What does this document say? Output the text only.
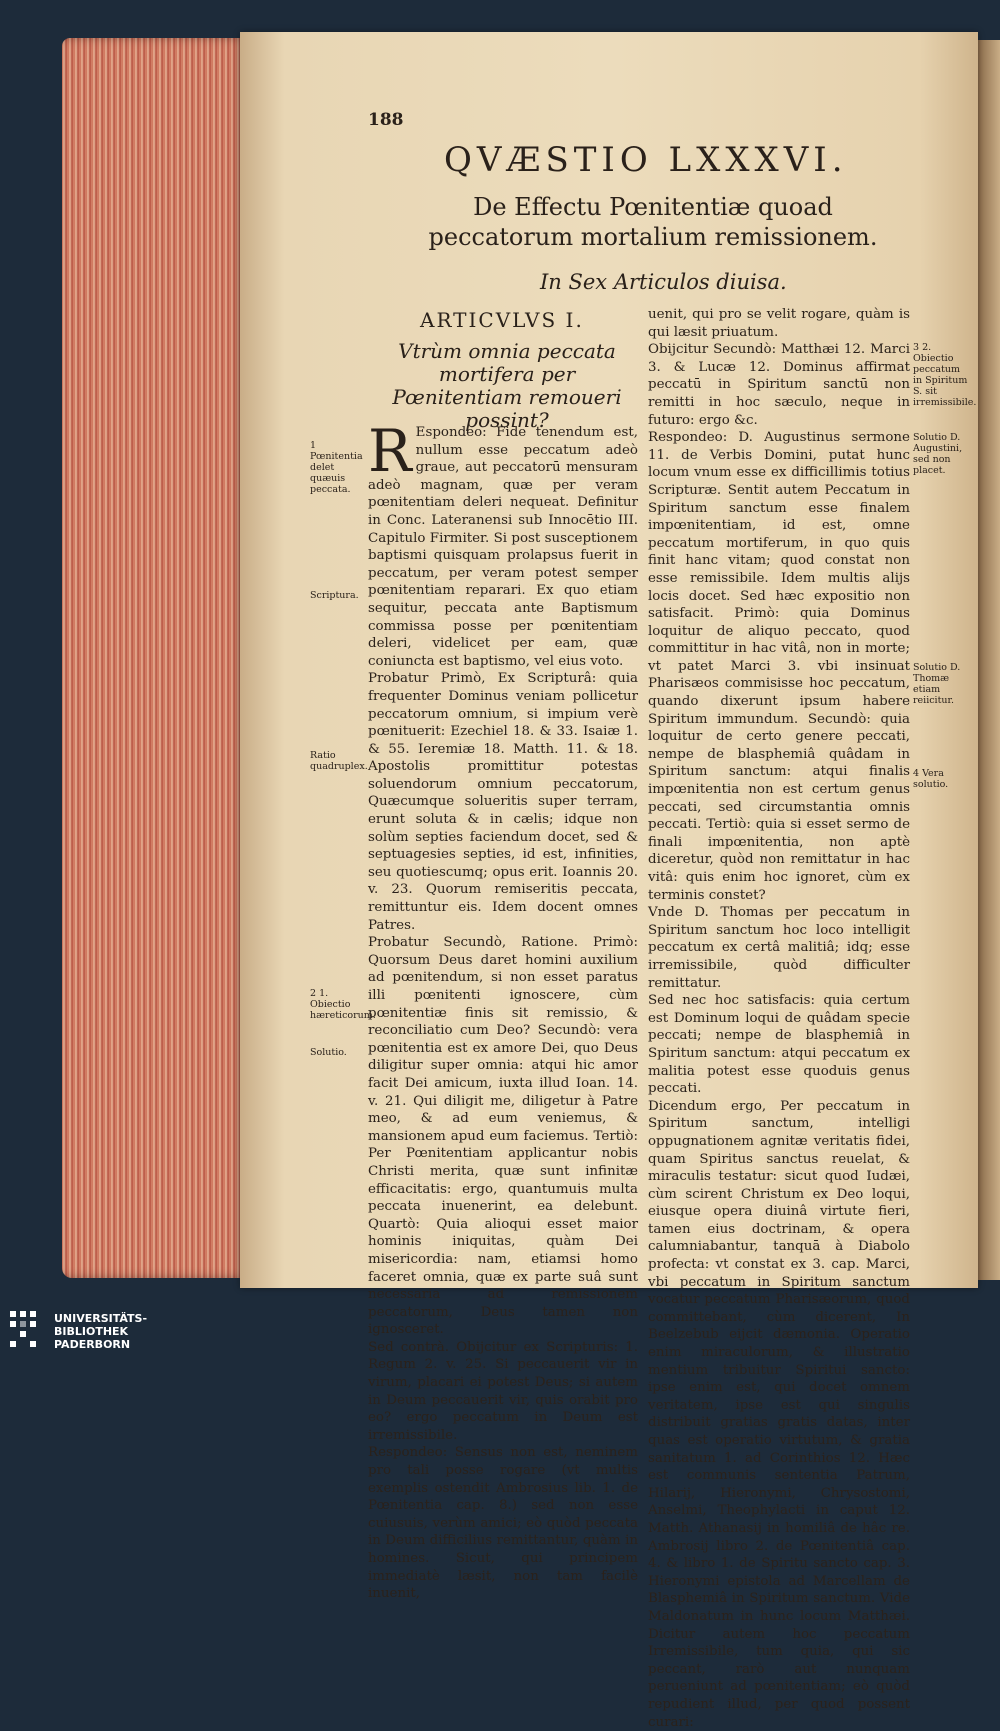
188
QVÆSTIO LXXXVI.
De Effectu Pœnitentiæ quoad peccatorum mortalium remissionem.
In Sex Articulos diuisa.
ARTICVLVS I.
Vtrùm omnia peccata mortifera per Pœnitentiam remoueri possint?
R Espondeo: Fide tenendum est, nullum esse peccatum adeò graue, aut peccatorū mensuram adeò magnam, quæ per veram pœnitentiam deleri nequeat. Definitur in Conc. Lateranensi sub Innocētio III. Capitulo Firmiter. Si post susceptionem baptismi quisquam prolapsus fuerit in peccatum, per veram potest semper pœnitentiam reparari. Ex quo etiam sequitur, peccata ante Baptismum commissa posse per pœnitentiam deleri, videlicet per eam, quæ coniuncta est baptismo, vel eius voto.

Probatur Primò, Ex Scripturâ: quia frequenter Dominus veniam pollicetur peccatorum omnium, si impium verè pœnituerit: Ezechiel 18. & 33. Isaiæ 1. & 55. Ieremiæ 18. Matth. 11. & 18. Apostolis promittitur potestas soluendorum omnium peccatorum, Quæcumque solueritis super terram, erunt soluta & in cælis; idque non solùm septies faciendum docet, sed & septuagesies septies, id est, infinities, seu quotiescumq; opus erit. Ioannis 20. v. 23. Quorum remiseritis peccata, remittuntur eis. Idem docent omnes Patres.

Probatur Secundò, Ratione. Primò: Quorsum Deus daret homini auxilium ad pœnitendum, si non esset paratus illi pœnitenti ignoscere, cùm pœnitentiæ finis sit remissio, & reconciliatio cum Deo? Secundò: vera pœnitentia est ex amore Dei, quo Deus diligitur super omnia: atqui hic amor facit Dei amicum, iuxta illud Ioan. 14. v. 21. Qui diligit me, diligetur à Patre meo, & ad eum veniemus, & mansionem apud eum faciemus. Tertiò: Per Pœnitentiam applicantur nobis Christi merita, quæ sunt infinitæ efficacitatis: ergo, quantumuis multa peccata inuenerint, ea delebunt. Quartò: Quia alioqui esset maior hominis iniquitas, quàm Dei misericordia: nam, etiamsi homo faceret omnia, quæ ex parte suâ sunt necessaria ad remissionem peccatorum, Deus tamen non ignosceret.

Sed contrà. Obijcitur ex Scripturis: 1. Regum 2. v. 25. Si peccauerit vir in virum, placari ei potest Deus; si autem in Deum peccauerit vir, quis orabit pro eo? ergo peccatum in Deum est irremissibile.

Respondeo: Sensus non est, neminem pro tali posse rogare (vt multis exemplis ostendit Ambrosius lib. 1. de Pœnitentia cap. 8.) sed non esse cuiusuis, verùm amici; eò quòd peccata in Deum difficilius remittantur, quàm in homines. Sicut, qui principem immediatè læsit, non tam facilè inuenit,

uenit, qui pro se velit rogare, quàm is qui læsit priuatum.

Obijcitur Secundò: Matthæi 12. Marci 3. & Lucæ 12. Dominus affirmat peccatū in Spiritum sanctū non remitti in hoc sæculo, neque in futuro: ergo &c.

Respondeo: D. Augustinus sermone 11. de Verbis Domini, putat hunc locum vnum esse ex difficillimis totius Scripturæ. Sentit autem Peccatum in Spiritum sanctum esse finalem impœnitentiam, id est, omne peccatum mortiferum, in quo quis finit hanc vitam; quod constat non esse remissibile. Idem multis alijs locis docet. Sed hæc expositio non satisfacit. Primò: quia Dominus loquitur de aliquo peccato, quod committitur in hac vitâ, non in morte; vt patet Marci 3. vbi insinuat Pharisæos commisisse hoc peccatum, quando dixerunt ipsum habere Spiritum immundum. Secundò: quia loquitur de certo genere peccati, nempe de blasphemiâ quâdam in Spiritum sanctum: atqui finalis impœnitentia non est certum genus peccati, sed circumstantia omnis peccati. Tertiò: quia si esset sermo de finali impœnitentia, non aptè diceretur, quòd non remittatur in hac vitâ: quis enim hoc ignoret, cùm ex terminis constet?

Vnde D. Thomas per peccatum in Spiritum sanctum hoc loco intelligit peccatum ex certâ malitiâ; idq; esse irremissibile, quòd difficulter remittatur.

Sed nec hoc satisfacis: quia certum est Dominum loqui de quâdam specie peccati; nempe de blasphemiâ in Spiritum sanctum: atqui peccatum ex malitia potest esse quoduis genus peccati.

Dicendum ergo, Per peccatum in Spiritum sanctum, intelligi oppugnationem agnitæ veritatis fidei, quam Spiritus sanctus reuelat, & miraculis testatur: sicut quod Iudæi, cùm scirent Christum ex Deo loqui, eiusque opera diuinâ virtute fieri, tamen eius doctrinam, & opera calumniabantur, tanquā à Diabolo profecta: vt constat ex 3. cap. Marci, vbi peccatum in Spiritum sanctum vocatur peccatum Pharisæorum, quod committebant, cùm dicerent, In Beelzebub eijcit dæmonia. Operatio enim miraculorum, & illustratio mentium tribuitur Spiritui sancto: ipse enim est, qui docet omnem veritatem, ipse est qui singulis distribuit gratias gratis datas, inter quas est operatio virtutum, & gratia sanitatum 1. ad Corinthios 12. Hæc est communis sententia Patrum, Hilarij, Hieronymi, Chrysostomi, Anselmi, Theophylacti in caput 12. Matth. Athanasij in homiliâ de hâc re. Ambrosij libro 2. de Pœnitentiâ cap. 4. & libro 1. de Spiritu sancto cap. 3. Hieronymi epistola ad Marcellam de Blasphemiâ in Spiritum sanctum. Vide Maldonatum in hunc locum Matthæi. Dicitur autem hoc peccatum Irremissibile, tum quia, qui sic peccant, rarò aut nunquam perueniunt ad pœnitentiam; eò quòd repudient illud, per quod possent curari:

1 Pœnitentia delet quæuis peccata.
Scriptura.
Ratio quadruplex.
2 1. Obiectio hæreticorum.
Solutio.
3 2. Obiectio peccatum in Spiritum S. sit irremissibile.
Solutio D. Augustini, sed non placet.
Solutio D. Thomæ etiam reiicitur.
4 Vera solutio.
UNIVERSITÄTS-
BIBLIOTHEK
PADERBORN
